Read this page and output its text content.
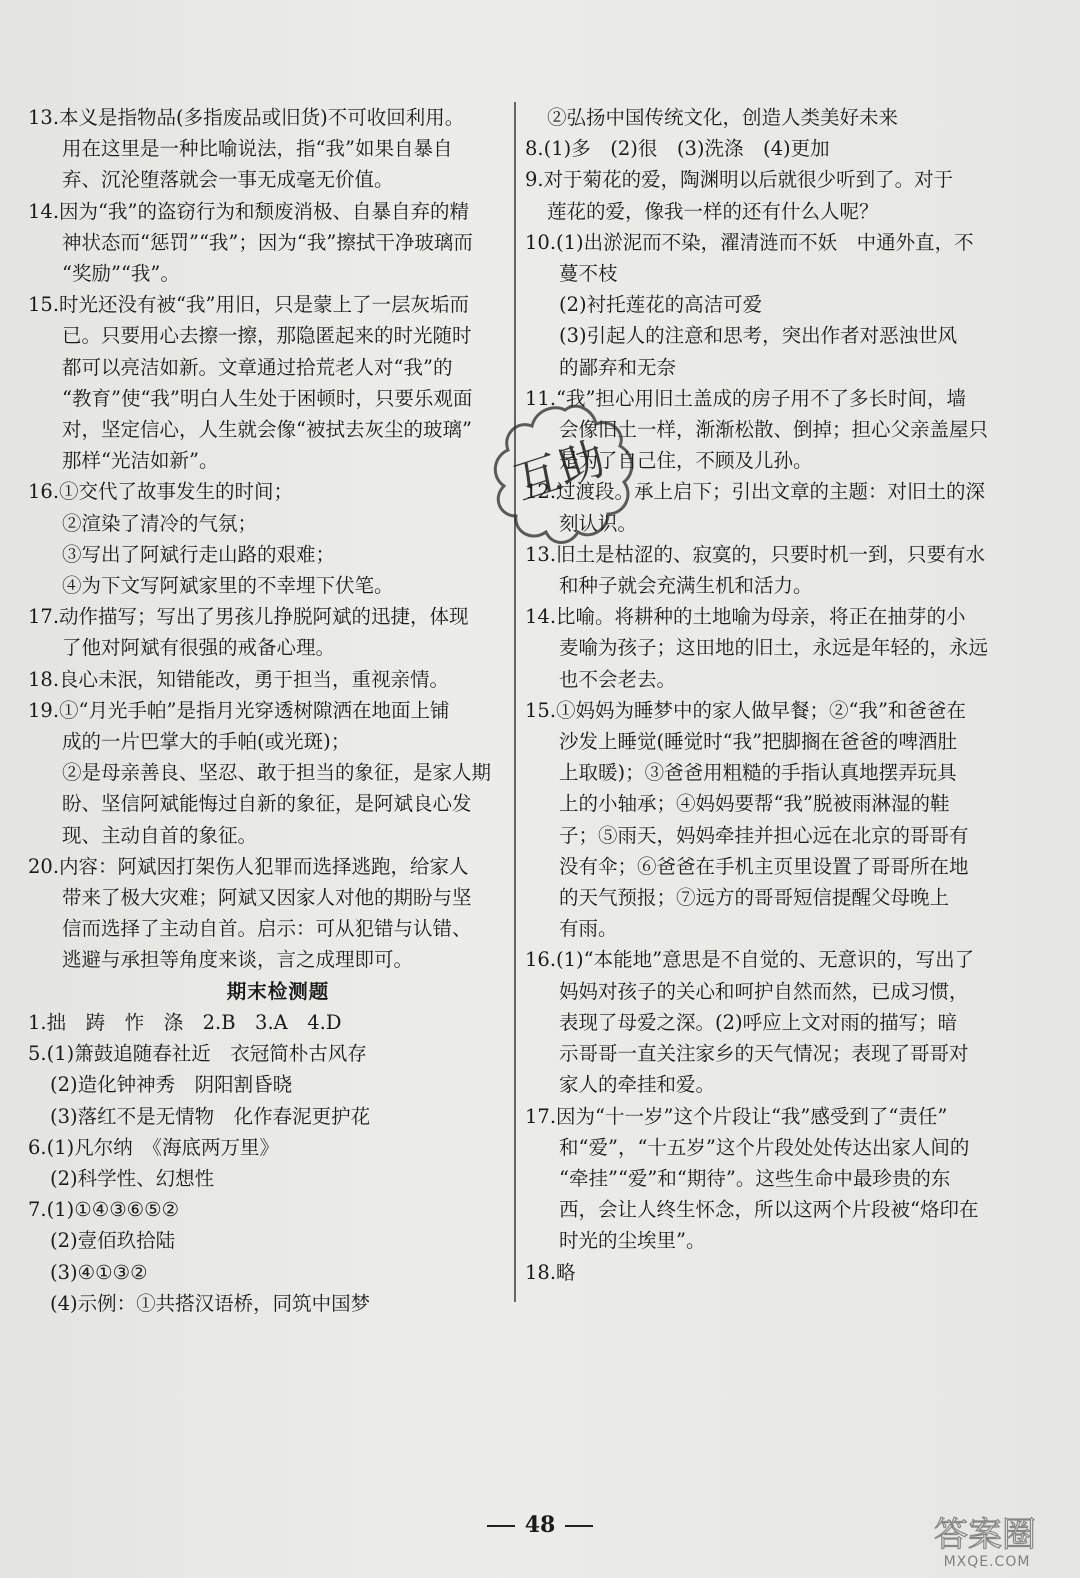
13.本义是指物品(多指废品或旧货)不可收回利用。
用在这里是一种比喻说法，指“我”如果自暴自
弃、沉沦堕落就会一事无成毫无价值。
14.因为“我”的盗窃行为和颓废消极、自暴自弃的精
神状态而“惩罚”“我”；因为“我”擦拭干净玻璃而
“奖励”“我”。
15.时光还没有被“我”用旧，只是蒙上了一层灰垢而
已。只要用心去擦一擦，那隐匿起来的时光随时
都可以亮洁如新。文章通过拾荒老人对“我”的
“教育”使“我”明白人生处于困顿时，只要乐观面
对，坚定信心，人生就会像“被拭去灰尘的玻璃”
那样“光洁如新”。
16.①交代了故事发生的时间；
②渲染了清冷的气氛；
③写出了阿斌行走山路的艰难；
④为下文写阿斌家里的不幸埋下伏笔。
17.动作描写；写出了男孩儿挣脱阿斌的迅捷，体现
了他对阿斌有很强的戒备心理。
18.良心未泯，知错能改，勇于担当，重视亲情。
19.①“月光手帕”是指月光穿透树隙洒在地面上铺
成的一片巴掌大的手帕(或光斑)；
②是母亲善良、坚忍、敢于担当的象征，是家人期
盼、坚信阿斌能悔过自新的象征，是阿斌良心发
现、主动自首的象征。
20.内容：阿斌因打架伤人犯罪而选择逃跑，给家人
带来了极大灾难；阿斌又因家人对他的期盼与坚
信而选择了主动自首。启示：可从犯错与认错、
逃避与承担等角度来谈，言之成理即可。
期末检测题
1.拙　踌　怍　涤　2.B　3.A　4.D
5.(1)箫鼓追随春社近　衣冠简朴古风存
(2)造化钟神秀　阴阳割昏晓
(3)落红不是无情物　化作春泥更护花
6.(1)凡尔纳　《海底两万里》
(2)科学性、幻想性
7.(1)①④③⑥⑤②
(2)壹佰玖拾陆
(3)④①③②
(4)示例：①共搭汉语桥，同筑中国梦
②弘扬中国传统文化，创造人类美好未来
8.(1)多　(2)很　(3)洗涤　(4)更加
9.对于菊花的爱，陶渊明以后就很少听到了。对于
莲花的爱，像我一样的还有什么人呢？
10.(1)出淤泥而不染，濯清涟而不妖　中通外直，不
蔓不枝
(2)衬托莲花的高洁可爱
(3)引起人的注意和思考，突出作者对恶浊世风
的鄙弃和无奈
11.“我”担心用旧土盖成的房子用不了多长时间，墙
会像旧土一样，渐渐松散、倒掉；担心父亲盖屋只
是为了自己住，不顾及儿孙。
12.过渡段。承上启下；引出文章的主题：对旧土的深
刻认识。
13.旧土是枯涩的、寂寞的，只要时机一到，只要有水
和种子就会充满生机和活力。
14.比喻。将耕种的土地喻为母亲，将正在抽芽的小
麦喻为孩子；这田地的旧土，永远是年轻的，永远
也不会老去。
15.①妈妈为睡梦中的家人做早餐；②“我”和爸爸在
沙发上睡觉(睡觉时“我”把脚搁在爸爸的啤酒肚
上取暖)；③爸爸用粗糙的手指认真地摆弄玩具
上的小轴承；④妈妈要帮“我”脱被雨淋湿的鞋
子；⑤雨天，妈妈牵挂并担心远在北京的哥哥有
没有伞；⑥爸爸在手机主页里设置了哥哥所在地
的天气预报；⑦远方的哥哥短信提醒父母晚上
有雨。
16.(1)“本能地”意思是不自觉的、无意识的，写出了
妈妈对孩子的关心和呵护自然而然，已成习惯，
表现了母爱之深。(2)呼应上文对雨的描写；暗
示哥哥一直关注家乡的天气情况；表现了哥哥对
家人的牵挂和爱。
17.因为“十一岁”这个片段让“我”感受到了“责任”
和“爱”，“十五岁”这个片段处处传达出家人间的
“牵挂”“爱”和“期待”。这些生命中最珍贵的东
西，会让人终生怀念，所以这两个片段被“烙印在
时光的尘埃里”。
18.略
互助
48	答案圈
MXQE.COM
